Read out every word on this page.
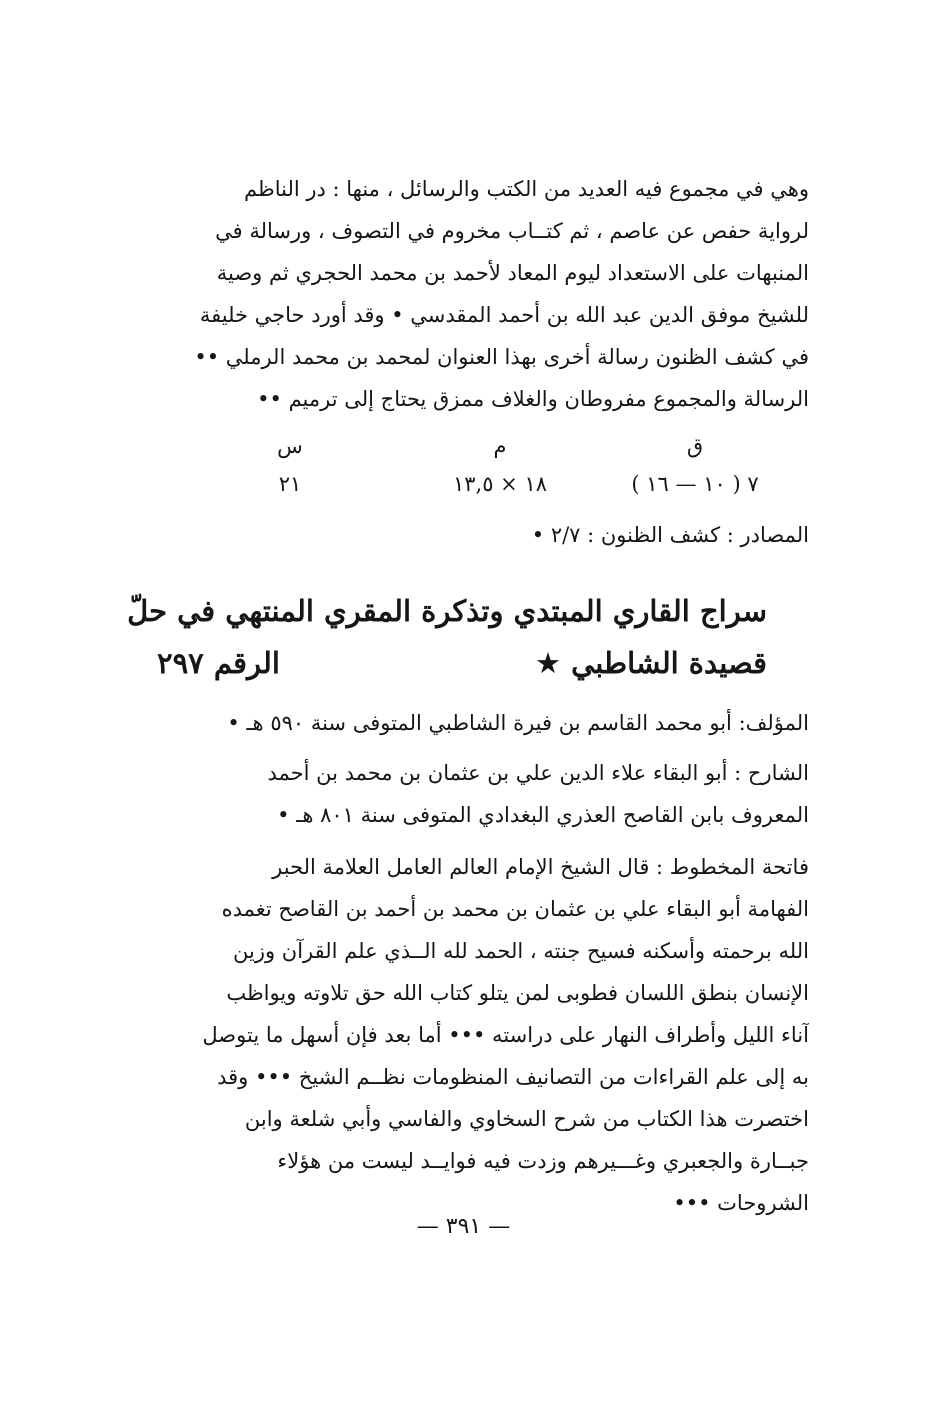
وهي في مجموع فيه العديد من الكتب والرسائل ، منها : در الناظم
لرواية حفص عن عاصم ، ثم كتــاب مخروم في التصوف ، ورسالة في
المنبهات على الاستعداد ليوم المعاد لأحمد بن محمد الحجري ثم وصية
للشيخ موفق الدين عبد الله بن أحمد المقدسي • وقد أورد حاجي خليفة
في كشف الظنون رسالة أخرى بهذا العنوان لمحمد بن محمد الرملي ••
الرسالة والمجموع مفروطان والغلاف ممزق يحتاج إلى ترميم ••
ق
٧ ( ١٠ — ١٦ )
م
١٨ × ١٣,٥
س
٢١
المصادر : كشف الظنون : ٢/٧ •
سراج القاري المبتدي وتذكرة المقري المنتهي في حلّ
قصيدة الشاطبي ★
الرقم ٢٩٧
المؤلف: أبو محمد القاسم بن فيرة الشاطبي المتوفى سنة ٥٩٠ هـ •
الشارح : أبو البقاء علاء الدين علي بن عثمان بن محمد بن أحمد
المعروف بابن القاصح العذري البغدادي المتوفى سنة ٨٠١ هـ •
فاتحة المخطوط : قال الشيخ الإمام العالم العامل العلامة الحبر
الفهامة أبو البقاء علي بن عثمان بن محمد بن أحمد بن القاصح تغمده
الله برحمته وأسكنه فسيح جنته ، الحمد لله الــذي علم القرآن وزين
الإنسان بنطق اللسان فطوبى لمن يتلو كتاب الله حق تلاوته ويواظب
آناء الليل وأطراف النهار على دراسته ••• أما بعد فإن أسهل ما يتوصل
به إلى علم القراءات من التصانيف المنظومات نظــم الشيخ ••• وقد
اختصرت هذا الكتاب من شرح السخاوي والفاسي وأبي شلعة وابن
جبــارة والجعبري وغـــيرهم وزدت فيه فوايــد ليست من هؤلاء
الشروحات •••
— ٣٩١ —
